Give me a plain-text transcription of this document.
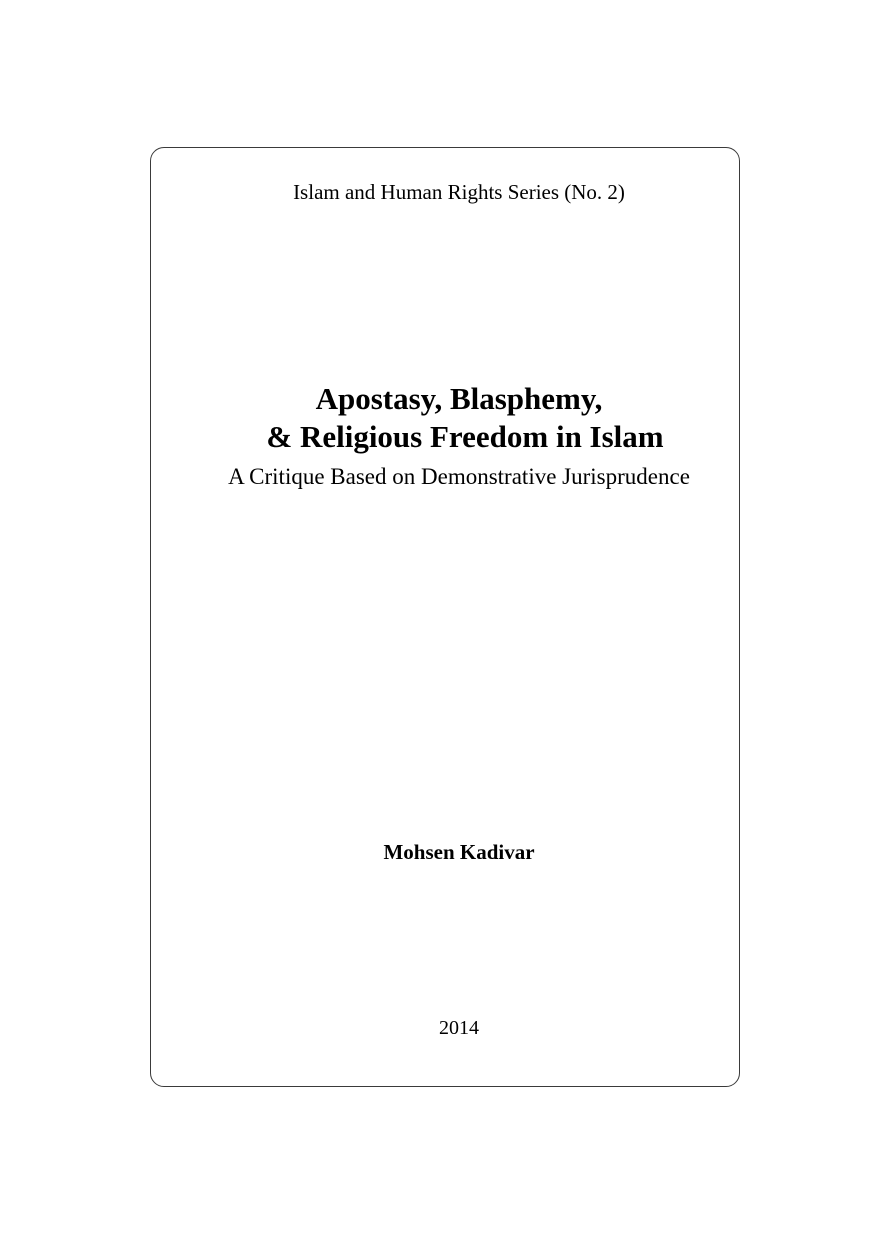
Islam and Human Rights Series (No. 2)
Apostasy, Blasphemy,
& Religious Freedom in Islam
A Critique Based on Demonstrative Jurisprudence
Mohsen Kadivar
2014
